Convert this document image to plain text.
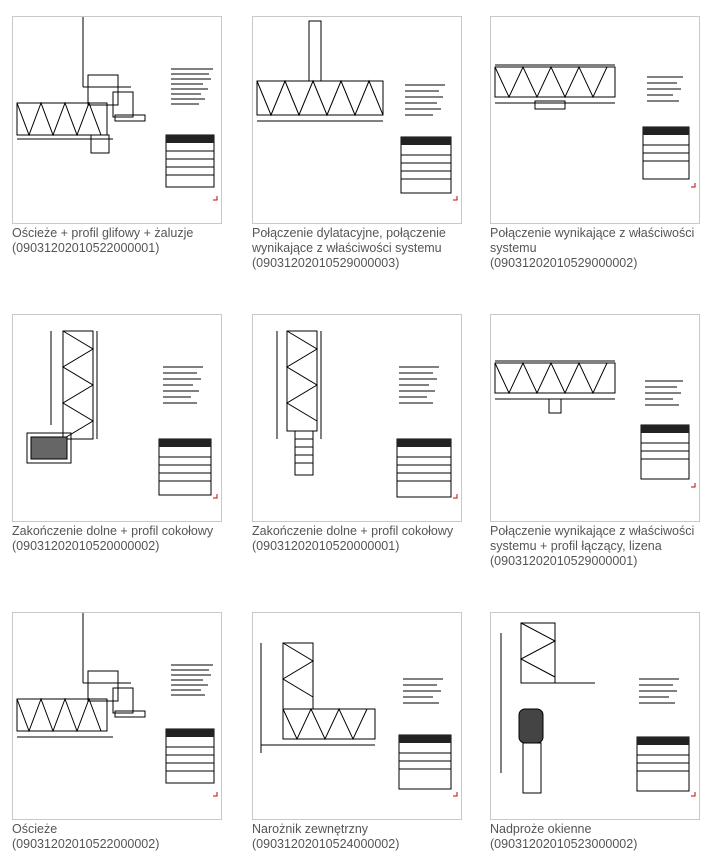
Ościeże + profil glifowy + żaluzje
(09031202010522000001)
Połączenie dylatacyjne, połączenie wynikające z właściwości systemu
(09031202010529000003)
Połączenie wynikające z właściwości systemu
(09031202010529000002)
Zakończenie dolne + profil cokołowy
(09031202010520000002)
Zakończenie dolne + profil cokołowy
(09031202010520000001)
Połączenie wynikające z właściwości systemu + profil łączący, lizena
(09031202010529000001)
Ościeże
(09031202010522000002)
Narożnik zewnętrzny
(09031202010524000002)
Nadproże okienne
(09031202010523000002)
